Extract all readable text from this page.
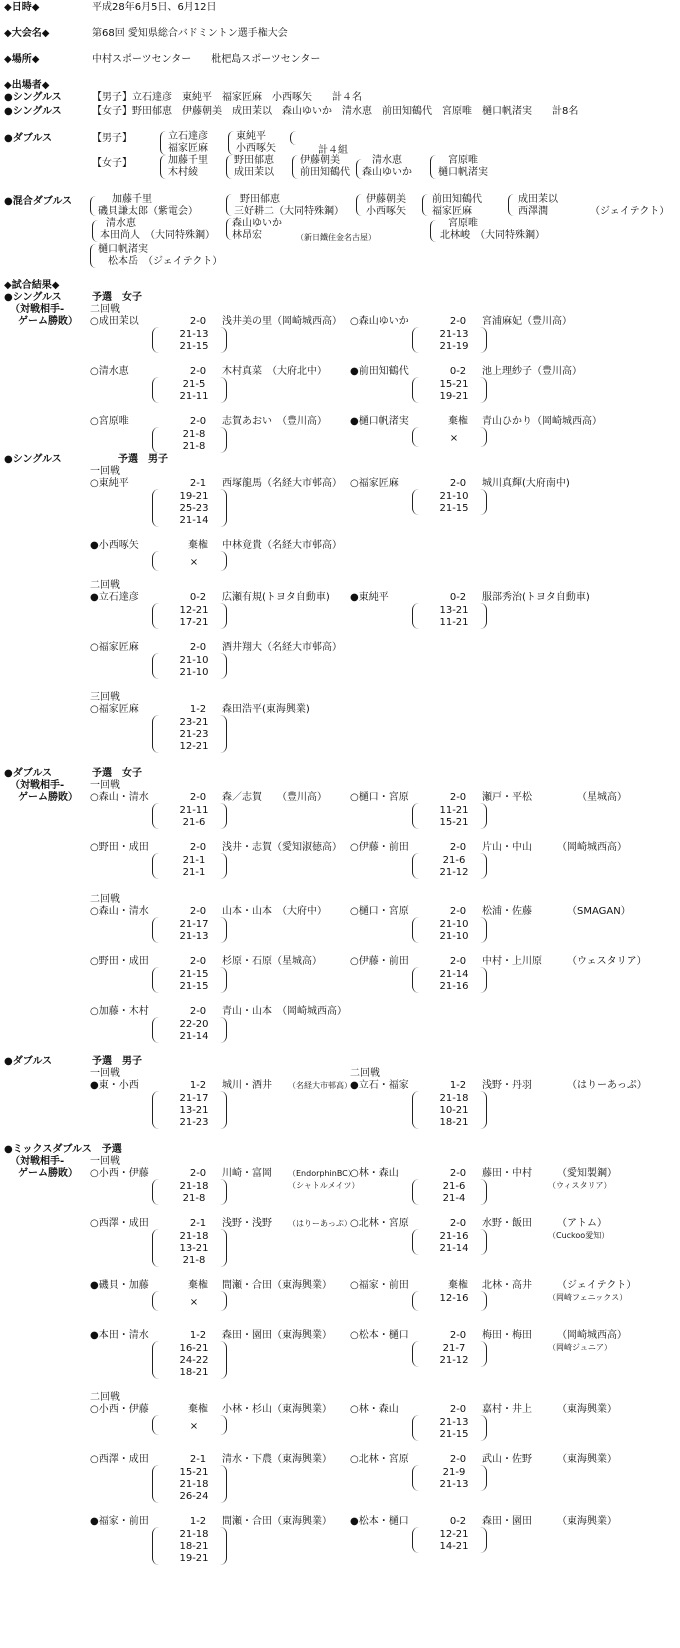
◆日時◆	平成28年6月5日、6月12日
◆大会名◆	第68回 愛知県総合バドミントン選手権大会
◆場所◆	中村スポーツセンター　　枇杷島スポーツセンター
◆出場者◆
●シングルス	【男子】立石達彦　東純平　福家匠麻　小西啄矢　　計４名
●シングルス	【女子】野田郁恵　伊藤朝美　成田茉以　森山ゆいか　清水恵　前田知鶴代　宮原唯　樋口帆渚実　　計8名
●ダブルス	【男子】	立石達彦
福家匠麻
東純平
小西啄矢	計４組
【女子】	加藤千里
木村綾
野田郁恵
成田茉以
伊藤朝美
前田知鶴代
清水恵
森山ゆいか
宮原唯
樋口帆渚実
●混合ダブルス	加藤千里
磯貝謙太郎（紫電会）
野田郁恵
三好耕二（大同特殊鋼）
伊藤朝美
小西啄矢
前田知鶴代
福家匠麻
成田茉以
西澤潤	（ジェイテクト）
清水恵
本田尚人　（大同特殊鋼）
森山ゆいか
林昂宏	（新日鐵住金名古屋）
宮原唯
北林峻　（大同特殊鋼）
樋口帆渚実
松本岳　（ジェイテクト）
◆試合結果◆
●シングルス	予選　女子
（対戦相手-
ゲーム勝敗）
二回戦
○成田茉以	2-0	浅井美の里（岡崎城西高）
21-13
21-15
○森山ゆいか	2-0	宮浦麻妃（豊川高）
21-13
21-19
○清水恵	2-0	木村真菜　（大府北中）
21-5
21-11
●前田知鶴代	0-2	池上理紗子（豊川高）
15-21
19-21
○宮原唯	2-0	志賀あおい　（豊川高）
21-8
21-8
●樋口帆渚実	棄権	青山ひかり（岡崎城西高）
×
●シングルス	予選　男子
一回戦
○東純平	2-1	西塚龍馬（名経大市邨高）
19-21
25-23
21-14
○福家匠麻	2-0	城川真輝(大府南中)
21-10
21-15
●小西啄矢	棄権	中林竟貴（名経大市邨高）
×
二回戦
●立石達彦	0-2	広瀬有規(トヨタ自動車)
12-21
17-21
●東純平	0-2	服部秀治(トヨタ自動車)
13-21
11-21
○福家匠麻	2-0	酒井翔大（名経大市邨高）
21-10
21-10
三回戦
○福家匠麻	1-2	森田浩平(東海興業)
23-21
21-23
12-21
●ダブルス	予選　女子
（対戦相手-
ゲーム勝敗）
一回戦
○森山・清水	2-0	森／志賀　　（豊川高）
21-11
21-6
○樋口・宮原	2-0	瀬戸・平松　　　　　（星城高）
11-21
15-21
○野田・成田	2-0	浅井・志賀（愛知淑徳高）
21-1
21-1
○伊藤・前田	2-0	片山・中山　　　（岡崎城西高）
21-6
21-12
二回戦
○森山・清水	2-0	山本・山本　（大府中）
21-17
21-13
○樋口・宮原	2-0	松浦・佐藤　　　　（SMAGAN）
21-10
21-10
○野田・成田	2-0	杉原・石原（星城高）
21-15
21-15
○伊藤・前田	2-0	中村・上川原　　　（ウェスタリア）
21-14
21-16
○加藤・木村	2-0	青山・山本　（岡崎城西高）
22-20
21-14
●ダブルス	予選　男子
一回戦	二回戦
●東・小西	1-2	城川・酒井 （名経大市邨高）
21-17
13-21
21-23
●立石・福家	1-2	浅野・丹羽　　　　（はりーあっぷ）
21-18
10-21
18-21
●ミックスダブルス　予選
（対戦相手-
ゲーム勝敗）
一回戦
○小西・伊藤	2-0	川崎・富岡 （EndorphinBC）
（シャトルメイツ）
21-18
21-8
○林・森山	2-0	藤田・中村　　　（愛知製鋼）
（ウィスタリア）
21-6
21-4
○西澤・成田	2-1	浅野・浅野 （はりーあっぷ）
21-18
13-21
21-8
○北林・宮原	2-0	水野・飯田　　　（アトム）
（Cuckoo愛知）
21-16
21-14
●磯貝・加藤	棄権	間瀬・合田（東海興業）
×
○福家・前田	棄権	北林・高井　　　（ジェイテクト）
（岡崎フェニックス）
12-16
●本田・清水	1-2	森田・園田（東海興業）
16-21
24-22
18-21
○松本・樋口	2-0	梅田・梅田　　　（岡崎城西高）
（岡崎ジュニア）
21-7
21-12
二回戦
○小西・伊藤	棄権	小林・杉山（東海興業）
×
○林・森山	2-0	嘉村・井上　　　（東海興業）
21-13
21-15
○西澤・成田	2-1	清水・下農（東海興業）
15-21
21-18
26-24
○北林・宮原	2-0	武山・佐野　　　（東海興業）
21-9
21-13
●福家・前田	1-2	間瀬・合田（東海興業）
21-18
18-21
19-21
●松本・樋口	0-2	森田・園田　　　（東海興業）
12-21
14-21
